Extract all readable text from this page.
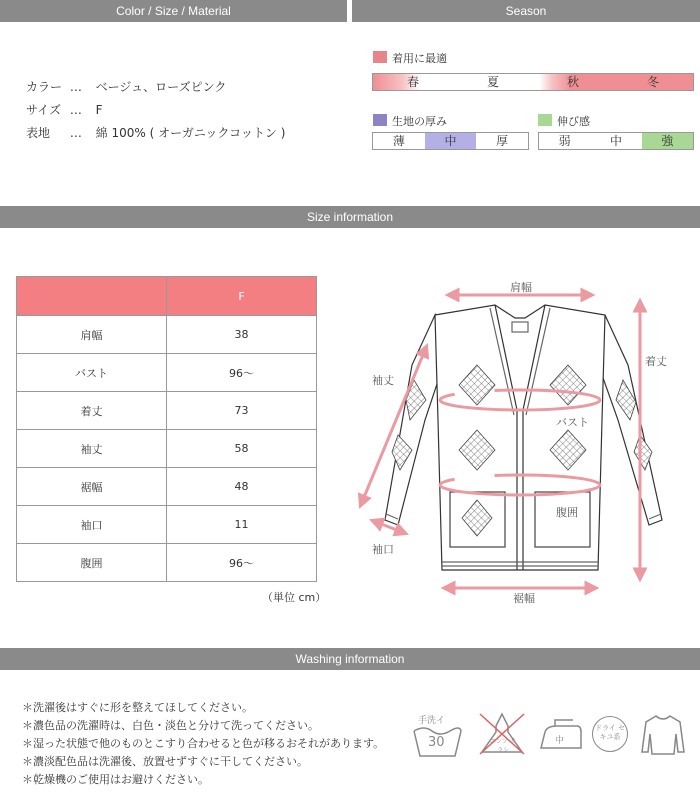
Color / Size / Material	Season
カラー … ベージュ、ローズピンク
サイズ … F
表地 … 綿 100% ( オーガニックコットン )
着用に最適
春	夏	秋	冬
生地の厚み
薄	中	厚
伸び感
弱	中	強
Size information
	F
肩幅	38
バスト	96〜
着丈	73
袖丈	58
裾幅	48
袖口	11
腹囲	96〜
（単位 cm）
肩幅
着丈
袖丈
バスト
腹囲
袖口
裾幅
Washing information
＊洗濯後はすぐに形を整えてほしてください。
＊濃色品の洗濯時は、白色・淡色と分けて洗ってください。
＊湿った状態で他のものとこすり合わせると色が移るおそれがあります。
＊濃淡配色品は洗濯後、放置せずすぐに干してください。
＊乾燥機のご使用はお避けください。
手洗イ
30	エンソ サラシ
中
ドライ セキユ系
